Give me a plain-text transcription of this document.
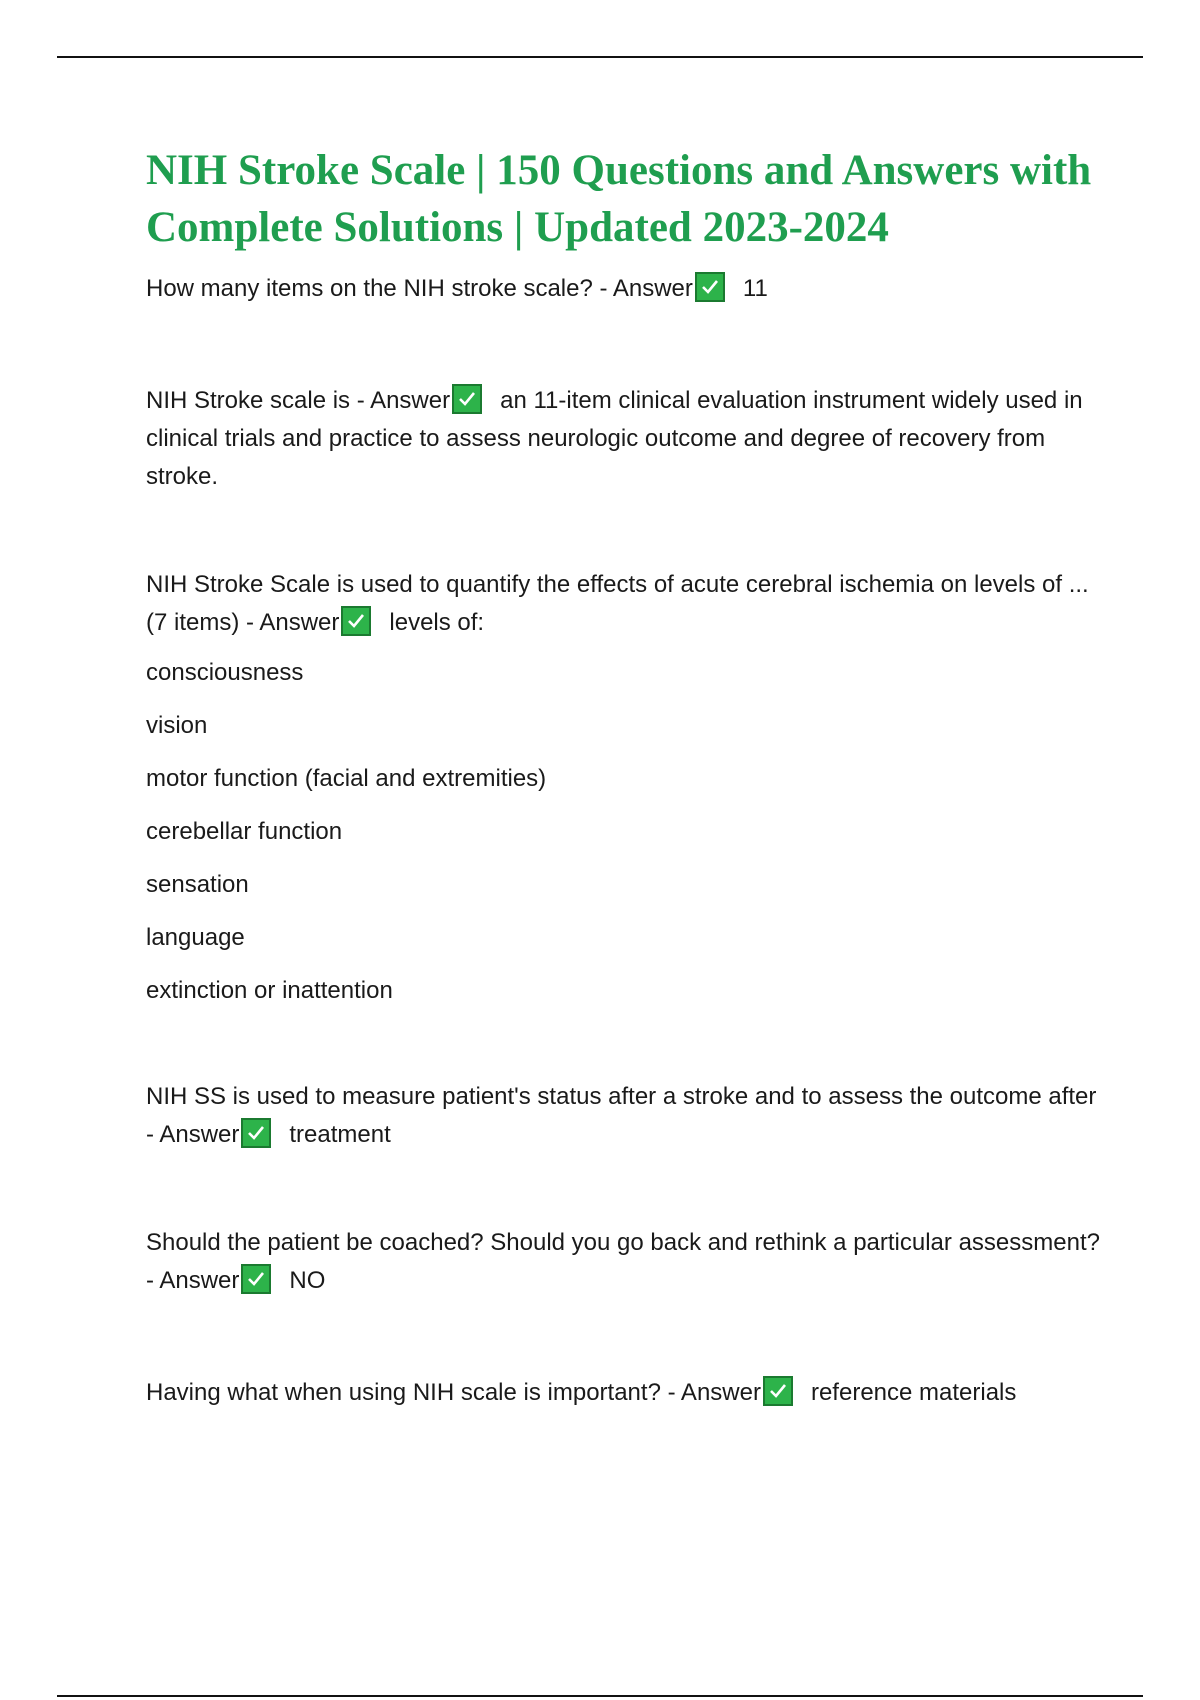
NIH Stroke Scale | 150 Questions and Answers with Complete Solutions | Updated 2023-2024

How many items on the NIH stroke scale? - Answer 11

NIH Stroke scale is - Answer an 11-item clinical evaluation instrument widely used in clinical trials and practice to assess neurologic outcome and degree of recovery from stroke.

NIH Stroke Scale is used to quantify the effects of acute cerebral ischemia on levels of ... (7 items) - Answer levels of:

consciousness
vision
motor function (facial and extremities)
cerebellar function
sensation
language
extinction or inattention

NIH SS is used to measure patient's status after a stroke and to assess the outcome after - Answer treatment

Should the patient be coached? Should you go back and rethink a particular assessment? - Answer NO

Having what when using NIH scale is important? - Answer reference materials
